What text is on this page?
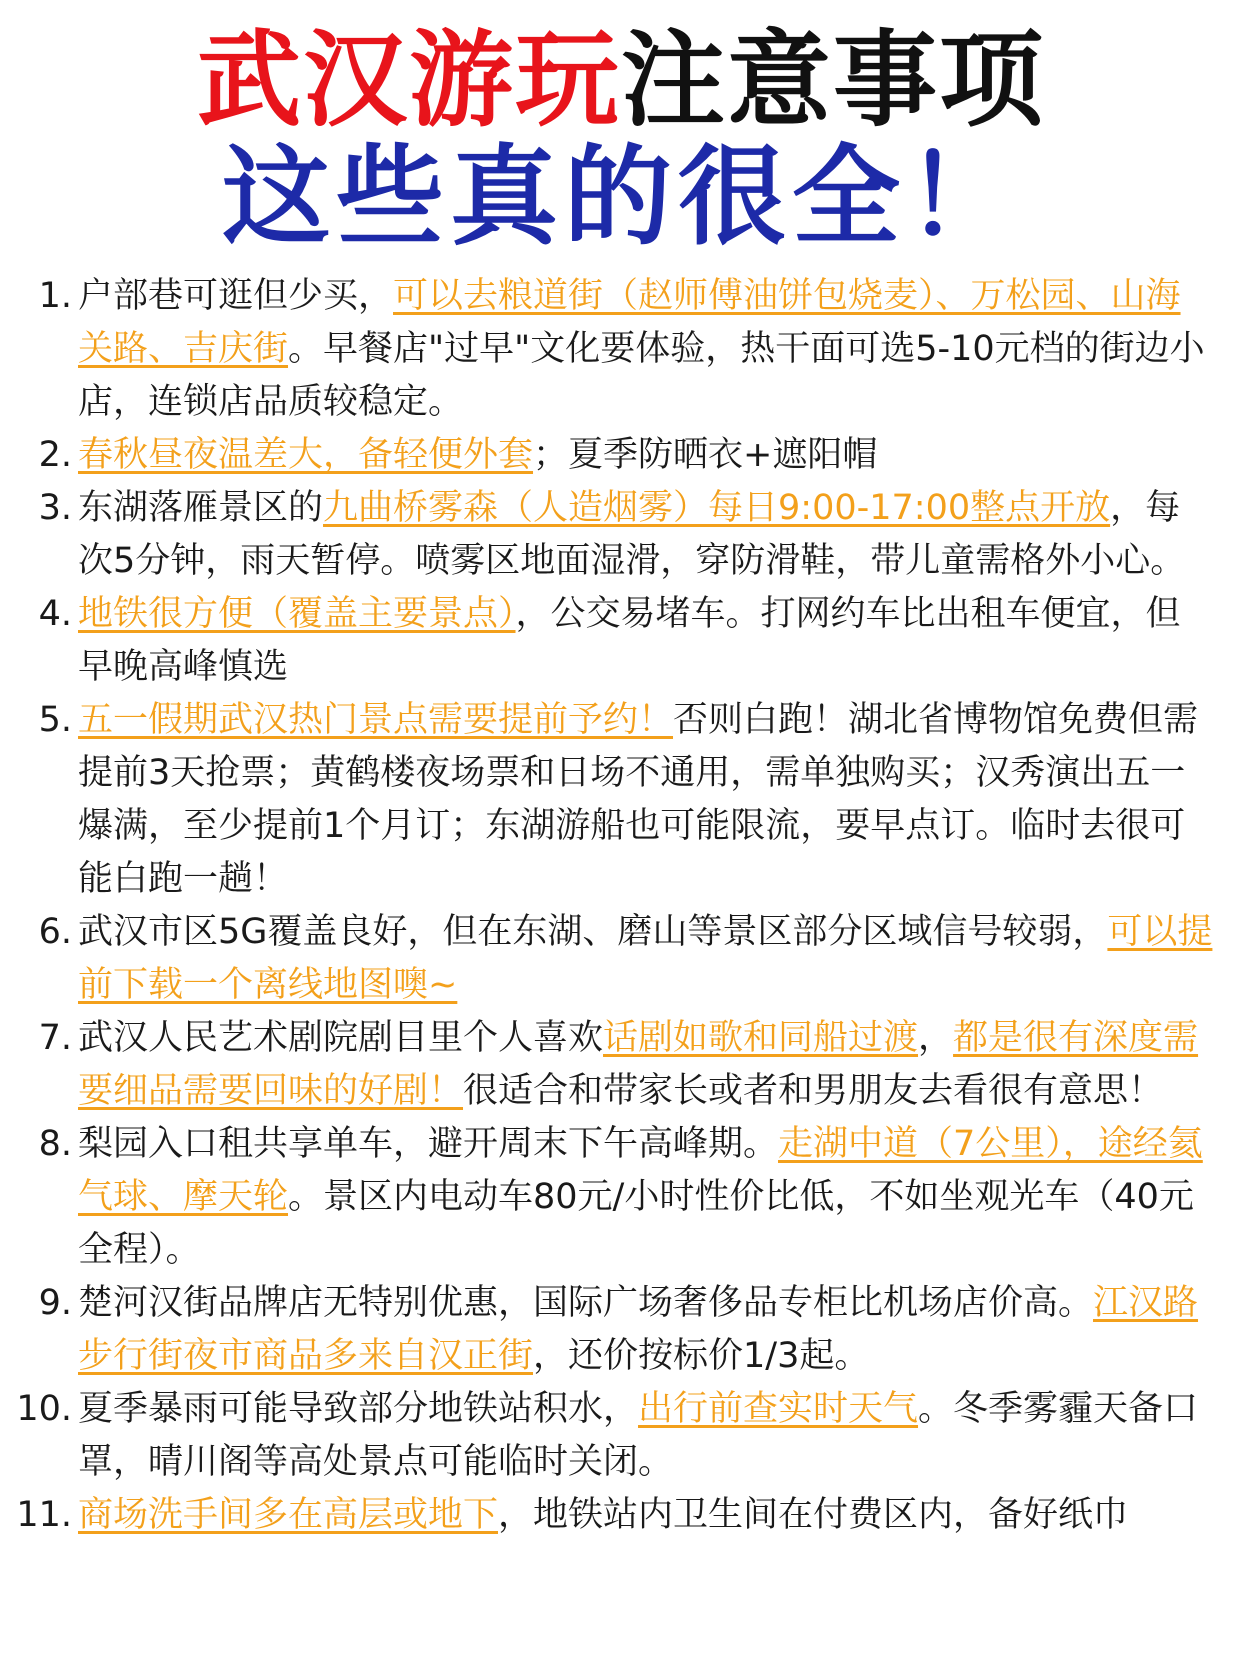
武汉游玩注意事项
这些真的很全！
1. 户部巷可逛但少买，可以去粮道街（赵师傅油饼包烧麦）、万松园、山海关路、吉庆街。早餐店"过早"文化要体验，热干面可选5-10元档的街边小店，连锁店品质较稳定。
2. 春秋昼夜温差大，备轻便外套；夏季防晒衣+遮阳帽
3. 东湖落雁景区的九曲桥雾森（人造烟雾）每日9:00-17:00整点开放，每次5分钟，雨天暂停。喷雾区地面湿滑，穿防滑鞋，带儿童需格外小心。
4. 地铁很方便（覆盖主要景点），公交易堵车。打网约车比出租车便宜，但早晚高峰慎选
5. 五一假期武汉热门景点需要提前予约！否则白跑！湖北省博物馆免费但需提前3天抢票；黄鹤楼夜场票和日场不通用，需单独购买；汉秀演出五一爆满，至少提前1个月订；东湖游船也可能限流，要早点订。临时去很可能白跑一趟！
6. 武汉市区5G覆盖良好，但在东湖、磨山等景区部分区域信号较弱，可以提前下载一个离线地图噢~
7. 武汉人民艺术剧院剧目里个人喜欢话剧如歌和同船过渡，都是很有深度需要细品需要回味的好剧！很适合和带家长或者和男朋友去看很有意思！
8. 梨园入口租共享单车，避开周末下午高峰期。走湖中道（7公里），途经氦气球、摩天轮。景区内电动车80元/小时性价比低，不如坐观光车（40元全程）。
9. 楚河汉街品牌店无特别优惠，国际广场奢侈品专柜比机场店价高。江汉路步行街夜市商品多来自汉正街，还价按标价1/3起。
10. 夏季暴雨可能导致部分地铁站积水，出行前查实时天气。冬季雾霾天备口罩，晴川阁等高处景点可能临时关闭。
11. 商场洗手间多在高层或地下，地铁站内卫生间在付费区内，备好纸巾
